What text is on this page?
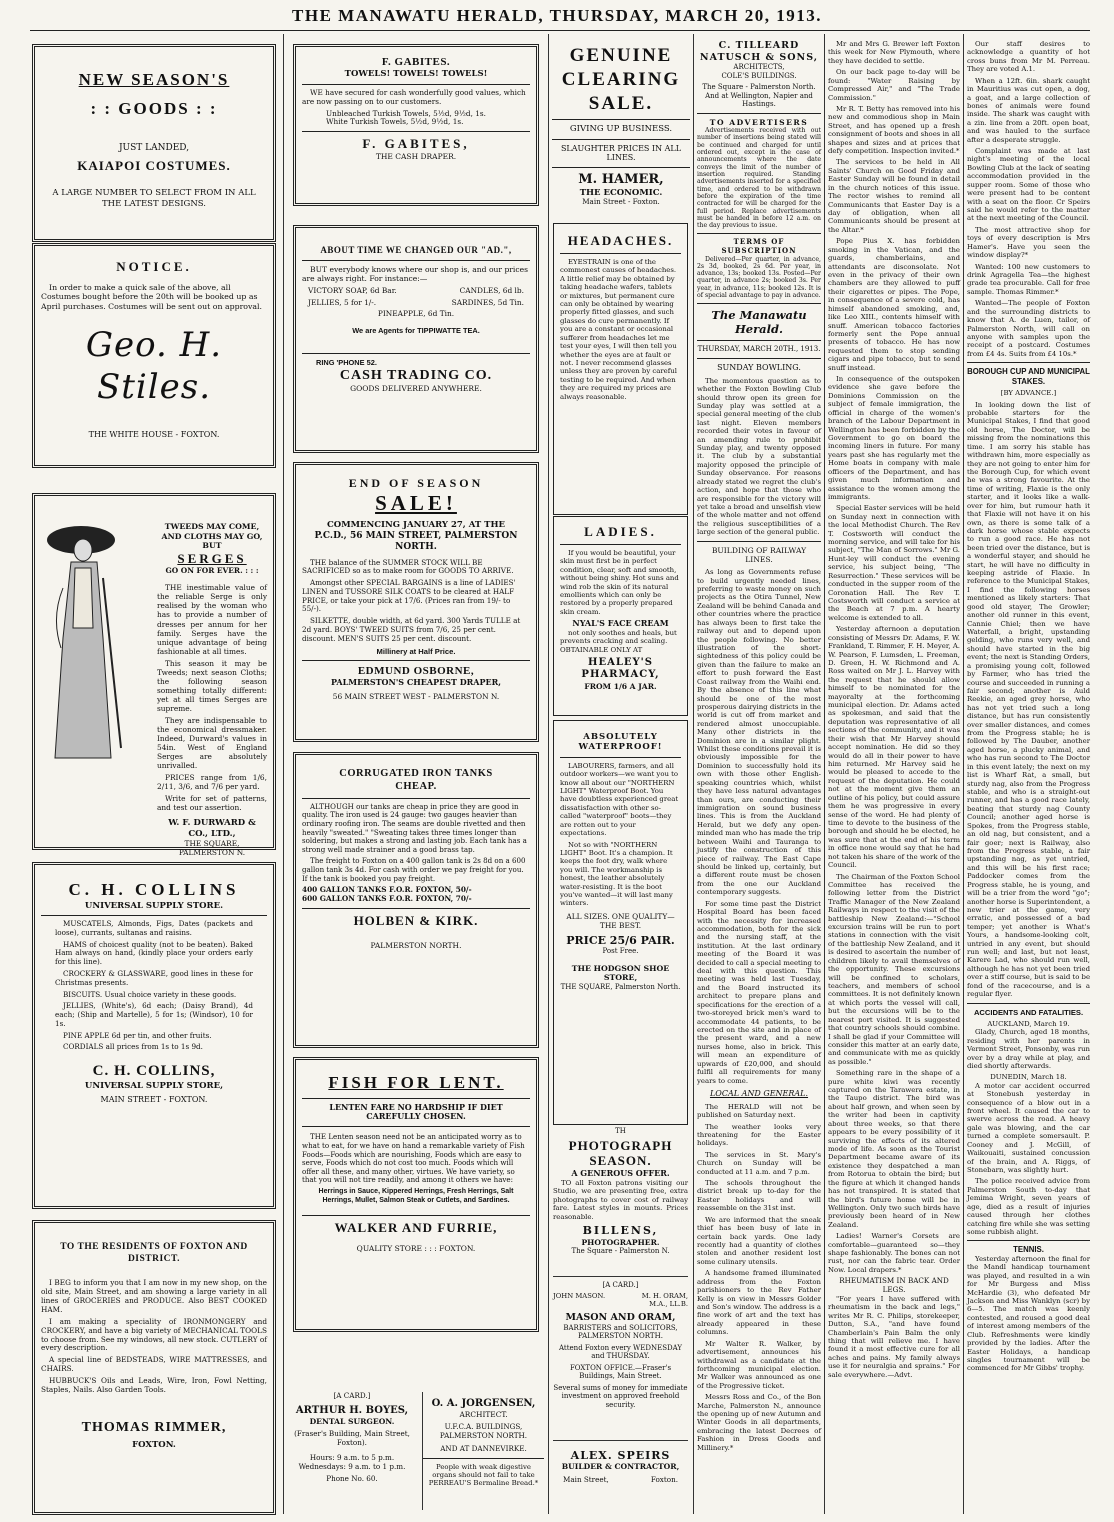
THE MANAWATU HERALD, THURSDAY, MARCH 20, 1913.
NEW SEASON'S
: : GOODS : :
JUST LANDED,
KAIAPOI COSTUMES.
A LARGE NUMBER TO SELECT FROM IN ALL THE LATEST DESIGNS.
NOTICE.

In order to make a quick sale of the above, all Costumes bought before the 20th will be booked up as April purchases. Costumes will be sent out on approval.

Geo. H. Stiles.
THE WHITE HOUSE - FOXTON.
TWEEDS MAY COME, AND CLOTHS MAY GO, BUT
SERGES
GO ON FOR EVER. : : :

THE inestimable value of the reliable Serge is only realised by the woman who has to provide a number of dresses per annum for her family. Serges have the unique advantage of being fashionable at all times.

This season it may be Tweeds; next season Cloths; the following season something totally different: yet at all times Serges are supreme.

They are indispensable to the economical dressmaker. Indeed, Durward's values in 54in. West of England Serges are absolutely unrivalled.

PRICES range from 1/6, 2/11, 3/6, and 7/6 per yard.

Write for set of patterns, and test our assertion.

W. F. DURWARD & CO., LTD.,
THE SQUARE, PALMERSTON N.
C. H. COLLINS
UNIVERSAL SUPPLY STORE.

MUSCATELS, Almonds, Figs, Dates (packets and loose), currants, sultanas and raisins.

HAMS of choicest quality (not to be beaten). Baked Ham always on hand, (kindly place your orders early for this line).

CROCKERY & GLASSWARE, good lines in these for Christmas presents.

BISCUITS. Usual choice variety in these goods.

JELLIES, (White's), 6d each; (Daisy Brand), 4d each; (Ship and Martelle), 5 for 1s; (Windsor), 10 for 1s.

PINE APPLE 6d per tin, and other fruits.

CORDIALS all prices from 1s to 1s 9d.

C. H. COLLINS,
UNIVERSAL SUPPLY STORE,
MAIN STREET - FOXTON.
TO THE RESIDENTS OF FOXTON AND DISTRICT.

I BEG to inform you that I am now in my new shop, on the old site, Main Street, and am showing a large variety in all lines of GROCERIES and PRODUCE. Also BEST COOKED HAM.

I am making a speciality of IRONMONGERY and CROCKERY, and have a big variety of MECHANICAL TOOLS to choose from. See my windows, all new stock. CUTLERY of every description.

A special line of BEDSTEADS, WIRE MATTRESSES, and CHAIRS.

HUBBUCK'S Oils and Leads, Wire, Iron, Fowl Netting, Staples, Nails. Also Garden Tools.

THOMAS RIMMER,
FOXTON.
F. GABITES.
TOWELS! TOWELS! TOWELS!

WE have secured for cash wonderfully good values, which are now passing on to our customers.

Unbleached Turkish Towels, 5½d, 9½d, 1s.
White Turkish Towels, 5½d, 9½d, 1s.
F. GABITES,
THE CASH DRAPER.
ABOUT TIME WE CHANGED OUR "AD.",

BUT everybody knows where our shop is, and our prices are always right. For instance:—

VICTORY SOAP, 6d Bar.	CANDLES, 6d lb.
JELLIES, 5 for 1/-.	SARDINES, 5d Tin.
PINEAPPLE, 6d Tin.
We are Agents for TIPPIWATTE TEA.
RING 'PHONE 52.
CASH TRADING CO.
GOODS DELIVERED ANYWHERE.
END OF SEASON
SALE!
COMMENCING JANUARY 27, AT THE
P.C.D., 56 MAIN STREET, PALMERSTON NORTH.

THE balance of the SUMMER STOCK WILL BE SACRIFICED so as to make room for GOODS TO ARRIVE.

Amongst other SPECIAL BARGAINS is a line of LADIES' LINEN and TUSSORE SILK COATS to be cleared at HALF PRICE, or take your pick at 17/6. (Prices ran from 19/- to 55/-).

SILKETTE, double width, at 6d yard. 300 Yards TULLE at 2d yard. BOYS' TWEED SUITS from 7/6, 25 per cent. discount. MEN'S SUITS 25 per cent. discount.

Millinery at Half Price.
EDMUND OSBORNE,
PALMERSTON'S CHEAPEST DRAPER,
56 MAIN STREET WEST - PALMERSTON N.
CORRUGATED IRON TANKS CHEAP.

ALTHOUGH our tanks are cheap in price they are good in quality. The iron used is 24 gauge: two gauges heavier than ordinary roofing iron. The seams are double rivetted and then heavily "sweated." "Sweating takes three times longer than soldering, but makes a strong and lasting job. Each tank has a strong well made strainer and a good brass tap.

The freight to Foxton on a 400 gallon tank is 2s 8d on a 600 gallon tank 3s 4d. For cash with order we pay freight for you. If the tank is booked you pay freight.

400 GALLON TANKS F.O.R. FOXTON, 50/-
600 GALLON TANKS F.O.R. FOXTON, 70/-
HOLBEN & KIRK.
PALMERSTON NORTH.
FISH FOR LENT.
LENTEN FARE NO HARDSHIP IF DIET CAREFULLY CHOSEN.

THE Lenten season need not be an anticipated worry as to what to eat, for we have on hand a remarkable variety of Fish Foods—Foods which are nourishing, Foods which are easy to serve, Foods which do not cost too much. Foods which will offer all these, and many other, virtues. We have variety, so that you will not tire readily, and among it others we have:

Herrings in Sauce, Kippered Herrings, Fresh Herrings, Salt Herrings, Mullet, Salmon Steak or Cutlets, and Sardines.
WALKER AND FURRIE,
QUALITY STORE : : : FOXTON.
[A CARD.]
ARTHUR H. BOYES,
DENTAL SURGEON.
(Fraser's Building, Main Street, Foxton).
Hours: 9 a.m. to 5 p.m. Wednesdays: 9 a.m. to 1 p.m.
Phone No. 60.
O. A. JORGENSEN,
ARCHITECT.
U.F.C.A. BUILDINGS, PALMERSTON NORTH.
AND AT DANNEVIRKE.
People with weak digestive organs should not fail to take PERREAU'S Bermaline Bread.*
GENUINE CLEARING SALE.
GIVING UP BUSINESS.
SLAUGHTER PRICES IN ALL LINES.
M. HAMER,
THE ECONOMIC.
Main Street - Foxton.
HEADACHES.

EYESTRAIN is one of the commonest causes of headaches. A little relief may be obtained by taking headache wafers, tablets or mixtures, but permanent cure can only be obtained by wearing properly fitted glasses, and such glasses do cure permanently. If you are a constant or occasional sufferer from headaches let me test your eyes, I will then tell you whether the eyes are at fault or not. I never recommend glasses unless they are proven by careful testing to be required. And when they are required my prices are always reasonable.

LADIES.

If you would be beautiful, your skin must first be in perfect condition, clear, soft and smooth, without being shiny. Hot suns and wind rob the skin of its natural emollients which can only be restored by a properly prepared skin cream.

NYAL'S FACE CREAM

not only soothes and heals, but prevents cracking and scaling. OBTAINABLE ONLY AT

HEALEY'S PHARMACY,
FROM 1/6 A JAR.
ABSOLUTELY WATERPROOF!

LABOURERS, farmers, and all outdoor workers—we want you to know all about our "NORTHERN LIGHT" Waterproof Boot. You have doubtless experienced great dissatisfaction with other so-called "waterproof" boots—they are rotten out to your expectations.

Not so with "NORTHERN LIGHT" Boot. It's a champion. It keeps the foot dry, walk where you will. The workmanship is honest, the leather absolutely water-resisting. It is the boot you've wanted—it will last many winters.

ALL SIZES. ONE QUALITY—THE BEST.
PRICE 25/6 PAIR.
Post Free.
THE HODGSON SHOE STORE,
THE SQUARE, Palmerston North.
TH
PHOTOGRAPH SEASON.
A GENEROUS OFFER.

TO all Foxton patrons visiting our Studio, we are presenting free, extra photographs to cover cost of railway fare. Latest styles in mounts. Prices reasonable.

BILLENS,
PHOTOGRAPHER.
The Square - Palmerston N.
[A CARD.]
JOHN MASON.	M. H. ORAM, M.A., LL.B.
MASON AND ORAM,
BARRISTERS and SOLICITORS, PALMERSTON NORTH.
Attend Foxton every WEDNESDAY and THURSDAY.
FOXTON OFFICE.—Fraser's Buildings, Main Street.
Several sums of money for immediate investment on approved freehold security.
ALEX. SPEIRS
BUILDER & CONTRACTOR,
Main Street,	Foxton.
C. TILLEARD NATUSCH & SONS,
ARCHITECTS,
COLE'S BUILDINGS.
The Square - Palmerston North.
And at Wellington, Napier and Hastings.
TO ADVERTISERS

Advertisements received with out number of insertions being stated will be continued and charged for until ordered out, except in the case of announcements where the date conveys the limit of the number of insertion required. Standing advertisements inserted for a specified time, and ordered to be withdrawn before the expiration of the time contracted for will be charged for the full period. Replace advertisements must be handed in before 12 a.m. on the day previous to issue.

TERMS OF SUBSCRIPTION

Delivered—Per quarter, in advance, 2s 3d, booked, 2s 6d. Per year, in advance, 13s; booked 13s. Posted—Per quarter, in advance 2s; booked 3s. Per year, in advance, 11s; booked 12s. It is of special advantage to pay in advance.

The Manawatu Herald.
THURSDAY, MARCH 20TH., 1913.
SUNDAY BOWLING.

The momentous question as to whether the Foxton Bowling Club should throw open its green for Sunday play was settled at a special general meeting of the club last night. Eleven members recorded their votes in favour of an amending rule to prohibit Sunday play, and twenty opposed it. The club by a substantial majority opposed the principle of Sunday observance. For reasons already stated we regret the club's action, and hope that those who are responsible for the victory will yet take a broad and unselfish view of the whole matter and not offend the religious susceptibilities of a large section of the general public.

BUILDING OF RAILWAY LINES.

As long as Governments refuse to build urgently needed lines, preferring to waste money on such projects as the Otira Tunnel, New Zealand will be behind Canada and other countries where the practice has always been to first take the railway out and to depend upon the people following. No better illustration of the short-sightedness of this policy could be given than the failure to make an effort to push forward the East Coast railway from the Waihi end. By the absence of this line what should be one of the most prosperous dairying districts in the world is cut off from market and rendered almost unoccupiable. Many other districts in the Dominion are in a similar plight. Whilst these conditions prevail it is obviously impossible for the Dominion to successfully hold its own with those other English-speaking countries which, whilst they have less natural advantages than ours, are conducting their immigration on sound business lines. This is from the Auckland Herald, but we defy any open-minded man who has made the trip between Waihi and Tauranga to justify the construction of this piece of railway. The East Cape should be linked up, certainly, but a different route must be chosen from the one our Auckland contemporary suggests.

For some time past the District Hospital Board has been faced with the necessity for increased accommodation, both for the sick and the nursing staff, at the institution. At the last ordinary meeting of the Board it was decided to call a special meeting to deal with this question. This meeting was held last Tuesday, and the Board instructed its architect to prepare plans and specifications for the erection of a two-storeyed brick men's ward to accommodate 44 patients, to be erected on the site and in place of the present ward, and a new nurses home, also in brick. This will mean an expenditure of upwards of £20,000, and should fulfil all requirements for many years to come.

LOCAL AND GENERAL.

The HERALD will not be published on Saturday next.

The weather looks very threatening for the Easter holidays.

The services in St. Mary's Church on Sunday will be conducted at 11 a.m. and 7 p.m.

The schools throughout the district break up to-day for the Easter holidays and will reassemble on the 31st inst.

We are informed that the sneak thief has been busy of late in certain back yards. One lady recently had a quantity of clothes stolen and another resident lost some culinary utensils.

A handsome framed illuminated address from the Foxton parishioners to the Rev Father Kelly is on view in Messrs Golder and Son's window. The address is a fine work of art and the text has already appeared in these columns.

Mr Walter R. Walker, by advertisement, announces his withdrawal as a candidate at the forthcoming municipal election. Mr Walker was announced as one of the Progressive ticket.

Messrs Ross and Co., of the Bon Marche, Palmerston N., announce the opening up of new Autumn and Winter Goods in all departments, embracing the latest Decrees of Fashion in Dress Goods and Millinery.*

Mr and Mrs G. Brewer left Foxton this week for New Plymouth, where they have decided to settle.

On our back page to-day will be found: "Water Raising by Compressed Air," and "The Trade Commission."

Mr R. T. Betty has removed into his new and commodious shop in Main Street, and has opened up a fresh consignment of boots and shoes in all shapes and sizes and at prices that defy competition. Inspection invited.*

The services to be held in All Saints' Church on Good Friday and Easter Sunday will be found in detail in the church notices of this issue. The rector wishes to remind all Communicants that Easter Day is a day of obligation, when all Communicants should be present at the Altar.*

Pope Pius X. has forbidden smoking in the Vatican, and the guards, chamberlains, and attendants are disconsolate. Not even in the privacy of their own chambers are they allowed to puff their cigarettes or pipes. The Pope, in consequence of a severe cold, has himself abandoned smoking, and, like Leo XIII., contents himself with snuff. American tobacco factories formerly sent the Pope annual presents of tobacco. He has now requested them to stop sending cigars and pipe tobacco, but to send snuff instead.

In consequence of the outspoken evidence she gave before the Dominions Commission on the subject of female immigration, the official in charge of the women's branch of the Labour Department in Wellington has been forbidden by the Government to go on board the incoming liners in future. For many years past she has regularly met the Home boats in company with male officers of the Department, and has given much information and assistance to the women among the immigrants.

Special Easter services will be held on Sunday next in connection with the local Methodist Church. The Rev T. Costsworth will conduct the morning service, and will take for his subject, "The Man of Sorrows." Mr G. Hunt-ley will conduct the evening service, his subject being, "The Resurrection." These services will be conducted in the supper room of the Coronation Hall. The Rev T. Costsworth will conduct a service at the Beach at 7 p.m. A hearty welcome is extended to all.

Yesterday afternoon a deputation consisting of Messrs Dr. Adams, F. W. Frankland, T. Rimmer, F. H. Meyer, A. W. Pearson, F. Lumsden, L. Freeman, D. Green, H. W. Richmond and A. Ross waited on Mr J. L. Harvey with the request that he should allow himself to be nominated for the mayoralty at the forthcoming municipal election. Dr. Adams acted as spokesman, and said that the deputation was representative of all sections of the community, and it was their wish that Mr Harvey should accept nomination. He did so they would do all in their power to have him returned. Mr Harvey said he would be pleased to accede to the request of the deputation. He could not at the moment give them an outline of his policy, but could assure them he was progressive in every sense of the word. He had plenty of time to devote to the business of the borough and should he be elected, he was sure that at the end of his term in office none would say that he had not taken his share of the work of the Council.

The Chairman of the Foxton School Committee has received the following letter from the District Traffic Manager of the New Zealand Railways in respect to the visit of the battleship New Zealand:—"School excursion trains will be run to port stations in connection with the visit of the battleship New Zealand, and it is desired to ascertain the number of children likely to avail themselves of the opportunity. These excursions will be confined to scholars, teachers, and members of school committees. It is not definitely known at which ports the vessel will call, but the excursions will be to the nearest port visited. It is suggested that country schools should combine. I shall be glad if your Committee will consider this matter at an early date, and communicate with me as quickly as possible."

Something rare in the shape of a pure white kiwi was recently captured on the Tarawera estate, in the Taupo district. The bird was about half grown, and when seen by the writer had been in captivity about three weeks, so that there appears to be every possibility of it surviving the effects of its altered mode of life. As soon as the Tourist Department became aware of its existence they despatched a man from Rotorua to obtain the bird; but the figure at which it changed hands has not transpired. It is stated that the bird's future home will be in Wellington. Only two such birds have previously been heard of in New Zealand.

Ladies! Warner's Corsets are comfortable—guaranteed so—they shape fashionably. The bones can not rust, nor can the fabric tear. Order Now. Local drapers.*

RHEUMATISM IN BACK AND LEGS.

"For years I have suffered with rheumatism in the back and legs," writes Mr R. C. Philips, storekeeper, Dutton, S.A., "and have found Chamberlain's Pain Balm the only thing that will relieve me. I have found it a most effective cure for all aches and pains. My family always use it for neuralgia and sprains." For sale everywhere.—Advt.

Our staff desires to acknowledge a quantity of hot cross buns from Mr M. Perreau. They are voted A.1.

When a 12ft. 6in. shark caught in Mauritius was cut open, a dog, a goat, and a large collection of bones of animals were found inside. The shark was caught with a zin. line from a 20ft. open boat, and was hauled to the surface after a desperate struggle.

Complaint was made at last night's meeting of the local Bowling Club at the lack of seating accommodation provided in the supper room. Some of those who were present had to be content with a seat on the floor. Cr Speirs said he would refer to the matter at the next meeting of the Council.

The most attractive shop for toys of every description is Mrs Hamer's. Have you seen the window display?*

Wanted: 100 new customers to drink Agragella Tea—the highest grade tea procurable. Call for free sample. Thomas Rimmer.*

Wanted—The people of Foxton and the surrounding districts to know that A. de Luen, tailor, of Palmerston North, will call on anyone with samples upon the receipt of a postcard. Costumes from £4 4s. Suits from £4 10s.*

BOROUGH CUP AND MUNICIPAL STAKES.
[BY ADVANCE.]

In looking down the list of probable starters for the Municipal Stakes, I find that good old horse, The Doctor, will be missing from the nominations this time. I am sorry his stable has withdrawn him, more especially as they are not going to enter him for the Borough Cup, for which event he was a strong favourite. At the time of writing, Flaxie is the only starter, and it looks like a walk-over for him, but rumour hath it that Flaxie will not have it on his own, as there is some talk of a dark horse whose stable expects to run a good race. He has not been tried over the distance, but is a wonderful stayer, and should he start, he will have no difficulty in keeping astride of Flaxie. In reference to the Municipal Stakes, I find the following horses mentioned as likely starters: That good old stayer, The Growler; another old runner in this event, Cannie Chiel; then we have Waterfall, a bright, upstanding gelding, who runs very well, and should have started in the big event; the next is Standing Orders, a promising young colt, followed by Farmer, who has tried the course and succeeded in running a fair second; another is Auld Reekie, an aged grey horse, who has not yet tried such a long distance, but has run consistently over smaller distances, and comes from the Progress stable; he is followed by The Dauber, another aged horse, a plucky animal, and who has run second to The Doctor in this event lately; the next on my list is Wharf Rat, a small, but sturdy nag, also from the Progress stable, and who is a straight-out runner, and has a good race lately, beating that sturdy nag County Council; another aged horse is Spokes, from the Progress stable, an old nag, but consistent, and a fair goer; next is Railway, also from the Progress stable, a fair upstanding nag, as yet untried, and this will be his first race; Paddocker comes from the Progress stable, he is young, and will be a trier from the word "go"; another horse is Superintendent, a new trier at the game, very erratic, and possessed of a bad temper; yet another is What's Yours, a handsome-looking colt, untried in any event, but should run well; and last, but not least, Karere Lad, who should run well, although he has not yet been tried over a stiff course, but is said to be fond of the racecourse, and is a regular flyer.

ACCIDENTS AND FATALITIES.
AUCKLAND, March 19.

Glady, Church, aged 18 months, residing with her parents in Vermont Street, Ponsonby, was run over by a dray while at play, and died shortly afterwards.

DUNEDIN, March 18.

A motor car accident occurred at Stonebush yesterday in consequence of a blow out in a front wheel. It caused the car to swerve across the road. A heavy gale was blowing, and the car turned a complete somersault. P. Cooney and J. McGill, of Waikouaiti, sustained concussion of the brain, and A. Riggs, of Stonebarn, was slightly hurt.

The police received advice from Palmerston South to-day that Jemima Wright, seven years of age, died as a result of injuries caused through her clothes catching fire while she was setting some rubbish alight.

TENNIS.

Yesterday afternoon the final for the Mandl handicap tournament was played, and resulted in a win for Mr Burgess and Miss McHardie (3), who defeated Mr Jackson and Miss Wanklyn (scr) by 6—5. The match was keenly contested, and roused a good deal of interest among members of the Club. Refreshments were kindly provided by the ladies. After the Easter Holidays, a handicap singles tournament will be commenced for Mr Gibbs' trophy.
